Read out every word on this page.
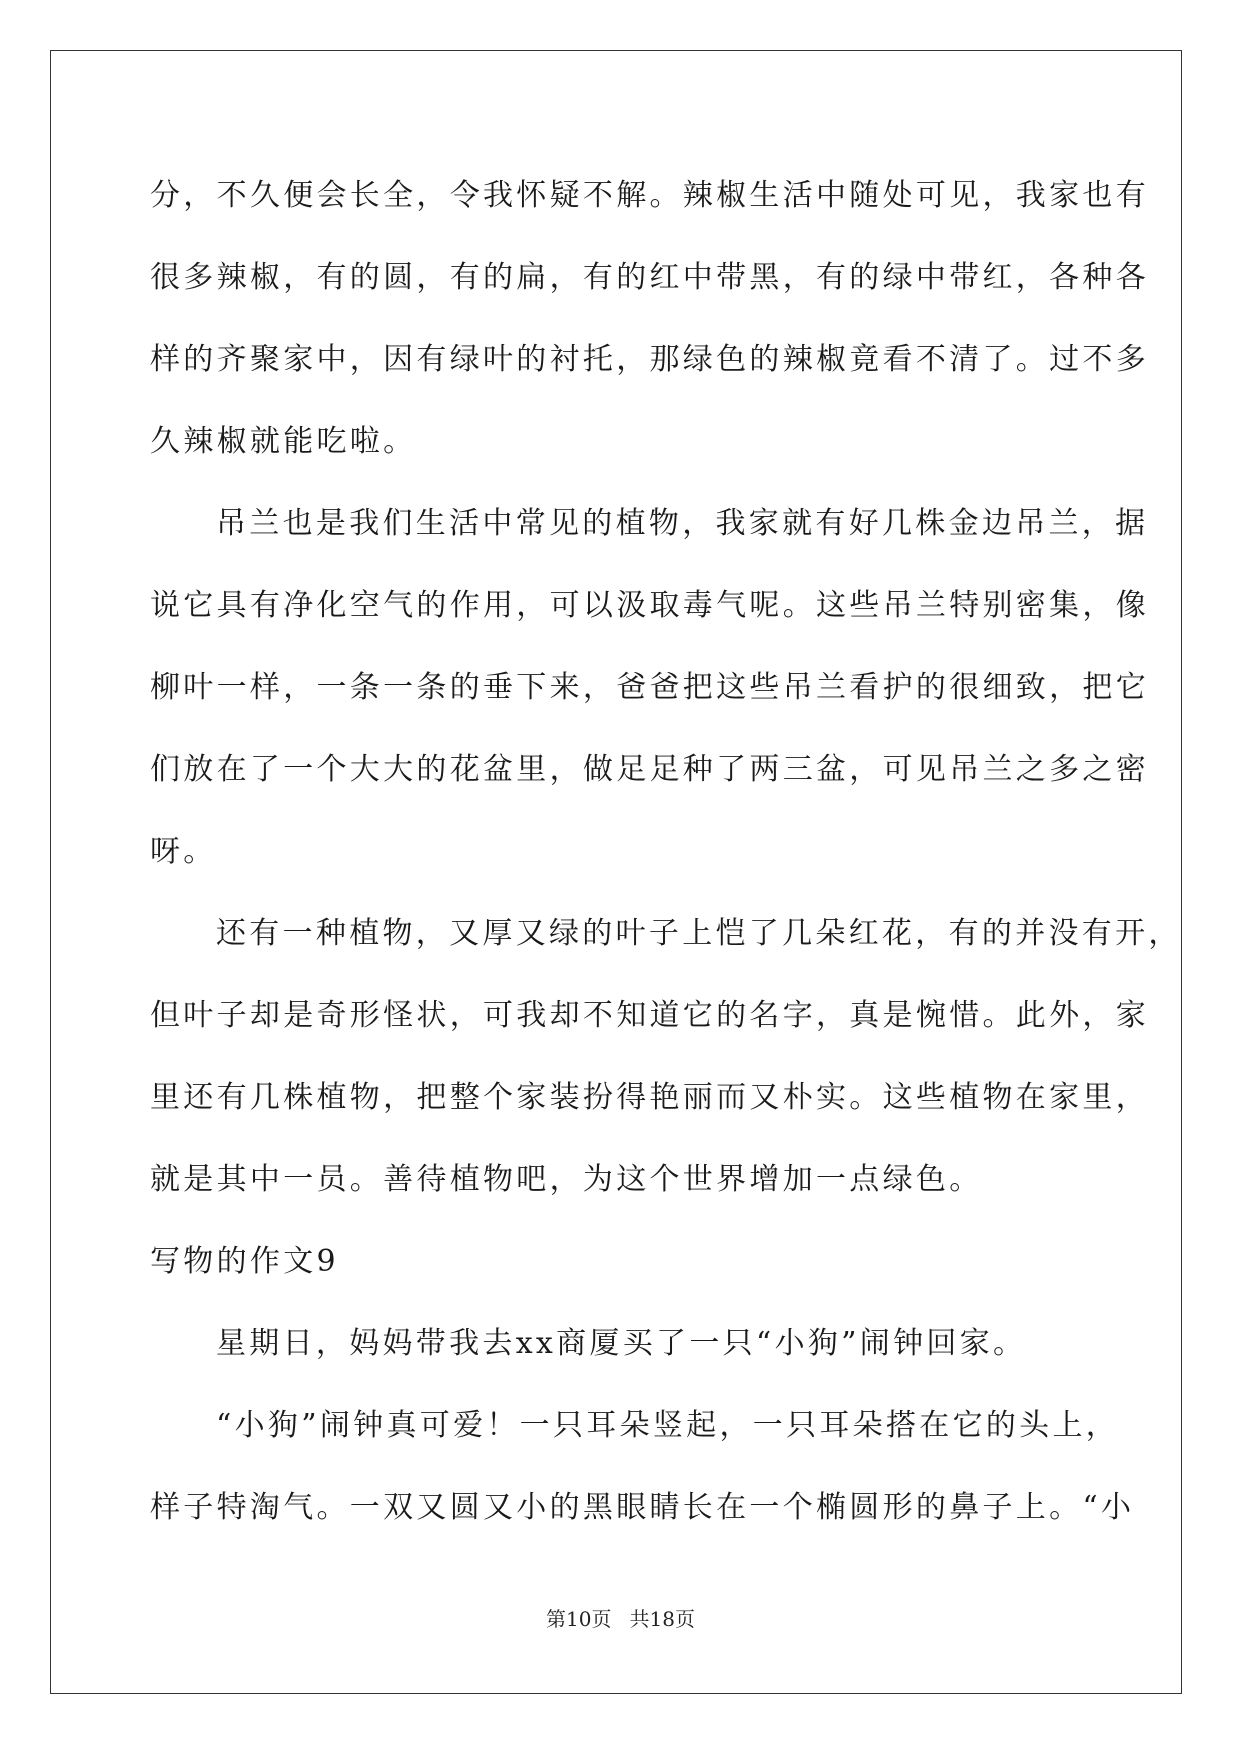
分，不久便会长全，令我怀疑不解。辣椒生活中随处可见，我家也有
很多辣椒，有的圆，有的扁，有的红中带黑，有的绿中带红，各种各
样的齐聚家中，因有绿叶的衬托，那绿色的辣椒竟看不清了。过不多
久辣椒就能吃啦。
吊兰也是我们生活中常见的植物，我家就有好几株金边吊兰，据
说它具有净化空气的作用，可以汲取毒气呢。这些吊兰特别密集，像
柳叶一样，一条一条的垂下来，爸爸把这些吊兰看护的很细致，把它
们放在了一个大大的花盆里，做足足种了两三盆，可见吊兰之多之密
呀。
还有一种植物，又厚又绿的叶子上恺了几朵红花，有的并没有开，
但叶子却是奇形怪状，可我却不知道它的名字，真是惋惜。此外，家
里还有几株植物，把整个家装扮得艳丽而又朴实。这些植物在家里，
就是其中一员。善待植物吧，为这个世界增加一点绿色。
写物的作文9
星期日，妈妈带我去xx商厦买了一只“小狗”闹钟回家。
“小狗”闹钟真可爱！一只耳朵竖起，一只耳朵搭在它的头上，
样子特淘气。一双又圆又小的黑眼睛长在一个椭圆形的鼻子上。“小
第10页 共18页
